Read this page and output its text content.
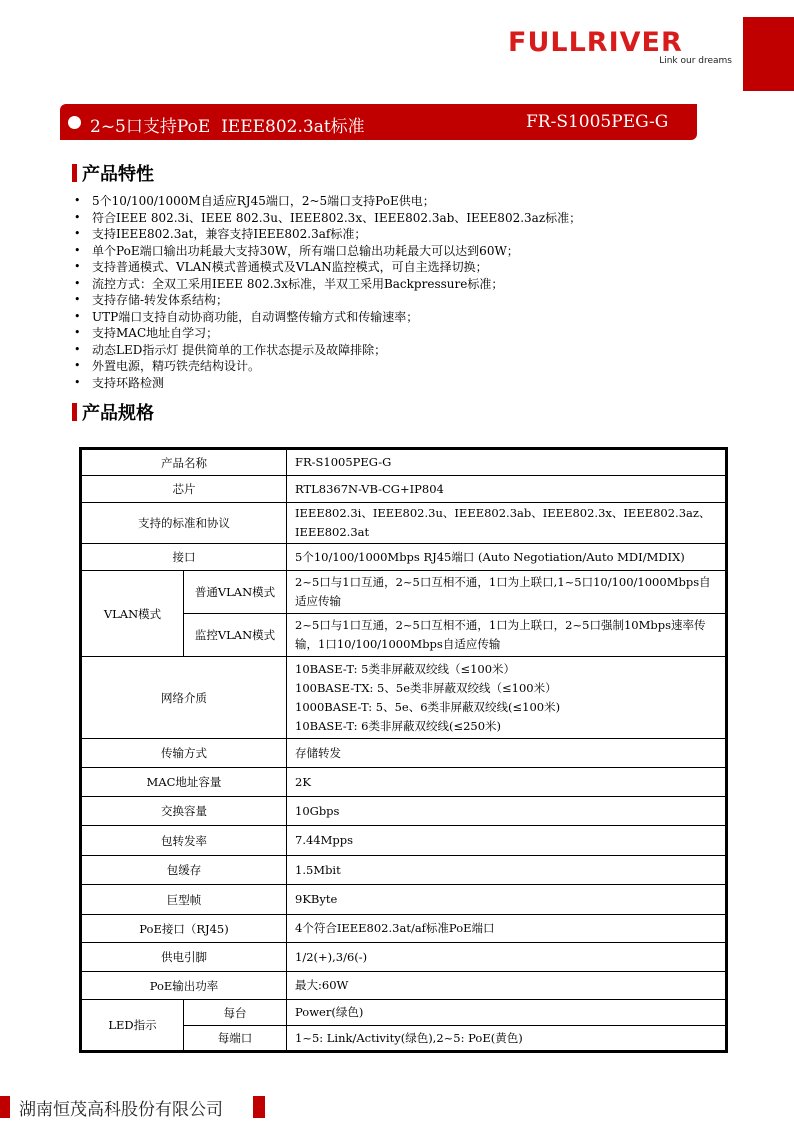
FULLRIVER
Link our dreams
2~5口支持PoE  IEEE802.3at标准	FR-S1005PEG-G
产品特性
• 5个10/100/1000M自适应RJ45端口，2~5端口支持PoE供电；
• 符合IEEE 802.3i、IEEE 802.3u、IEEE802.3x、IEEE802.3ab、IEEE802.3az标准；
• 支持IEEE802.3at，兼容支持IEEE802.3af标准；
• 单个PoE端口输出功耗最大支持30W，所有端口总输出功耗最大可以达到60W；
• 支持普通模式、VLAN模式普通模式及VLAN监控模式，可自主选择切换；
• 流控方式：全双工采用IEEE 802.3x标准，半双工采用Backpressure标准；
• 支持存储-转发体系结构；
• UTP端口支持自动协商功能，自动调整传输方式和传输速率；
• 支持MAC地址自学习；
• 动态LED指示灯 提供简单的工作状态提示及故障排除；
• 外置电源，精巧铁壳结构设计。
• 支持环路检测
产品规格
产品名称		FR-S1005PEG-G
芯片		RTL8367N-VB-CG+IP804
支持的标准和协议		IEEE802.3i、IEEE802.3u、IEEE802.3ab、IEEE802.3x、IEEE802.3az、IEEE802.3at
接口		5个10/100/1000Mbps RJ45端口 (Auto Negotiation/Auto MDI/MDIX)
VLAN模式	普通VLAN模式	2~5口与1口互通，2~5口互相不通，1口为上联口,1~5口10/100/1000Mbps自适应传输
	监控VLAN模式	2~5口与1口互通，2~5口互相不通，1口为上联口，2~5口强制10Mbps速率传输，1口10/100/1000Mbps自适应传输
网络介质		10BASE-T: 5类非屏蔽双绞线（≤100米）
100BASE-TX: 5、5e类非屏蔽双绞线（≤100米）
1000BASE-T: 5、5e、6类非屏蔽双绞线(≤100米)
10BASE-T: 6类非屏蔽双绞线(≤250米)

传输方式		存储转发
MAC地址容量		2K
交换容量		10Gbps
包转发率		7.44Mpps
包缓存		1.5Mbit
巨型帧		9KByte
PoE接口（RJ45)		4个符合IEEE802.3at/af标准PoE端口
供电引脚		1/2(+),3/6(-)
PoE输出功率		最大:60W
LED指示	每台	Power(绿色)
	每端口	1~5: Link/Activity(绿色),2~5: PoE(黄色)
湖南恒茂高科股份有限公司
